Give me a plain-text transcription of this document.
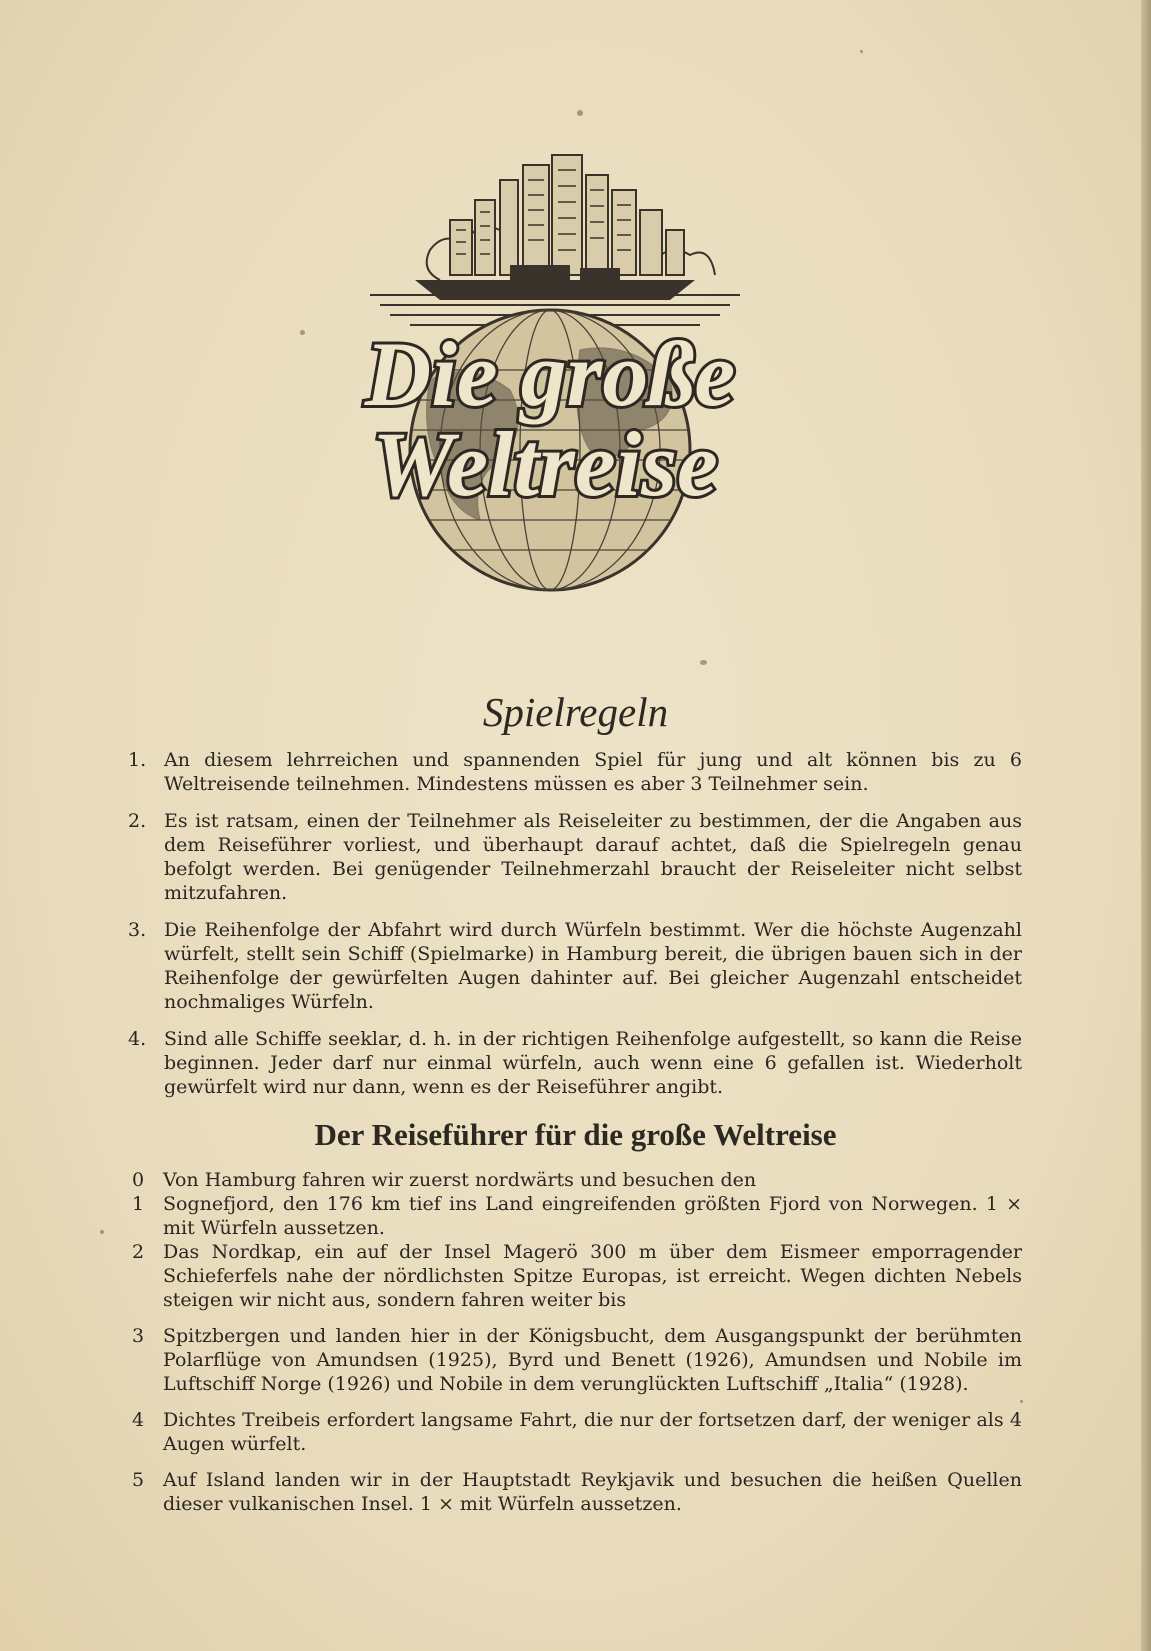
Die große
Weltreise
Spielregeln
1. An diesem lehrreichen und spannenden Spiel für jung und alt können bis zu 6 Weltreisende teilnehmen. Mindestens müssen es aber 3 Teilnehmer sein.
2. Es ist ratsam, einen der Teilnehmer als Reiseleiter zu bestimmen, der die Angaben aus dem Reiseführer vorliest, und überhaupt darauf achtet, daß die Spielregeln genau befolgt werden. Bei genügender Teilnehmerzahl braucht der Reiseleiter nicht selbst mitzufahren.
3. Die Reihenfolge der Abfahrt wird durch Würfeln bestimmt. Wer die höchste Augenzahl würfelt, stellt sein Schiff (Spielmarke) in Hamburg bereit, die übrigen bauen sich in der Reihenfolge der gewürfelten Augen dahinter auf. Bei gleicher Augenzahl entscheidet nochmaliges Würfeln.
4. Sind alle Schiffe seeklar, d. h. in der richtigen Reihenfolge aufgestellt, so kann die Reise beginnen. Jeder darf nur einmal würfeln, auch wenn eine 6 gefallen ist. Wiederholt gewürfelt wird nur dann, wenn es der Reiseführer angibt.
Der Reiseführer für die große Weltreise
0 Von Hamburg fahren wir zuerst nordwärts und besuchen den
1 Sognefjord, den 176 km tief ins Land eingreifenden größten Fjord von Norwegen. 1 × mit Würfeln aussetzen.
2 Das Nordkap, ein auf der Insel Magerö 300 m über dem Eismeer emporragender Schieferfels nahe der nördlichsten Spitze Europas, ist erreicht. Wegen dichten Nebels steigen wir nicht aus, sondern fahren weiter bis
3 Spitzbergen und landen hier in der Königsbucht, dem Ausgangspunkt der berühmten Polarflüge von Amundsen (1925), Byrd und Benett (1926), Amundsen und Nobile im Luftschiff Norge (1926) und Nobile in dem verunglückten Luftschiff „Italia“ (1928).
4 Dichtes Treibeis erfordert langsame Fahrt, die nur der fortsetzen darf, der weniger als 4 Augen würfelt.
5 Auf Island landen wir in der Hauptstadt Reykjavik und besuchen die heißen Quellen dieser vulkanischen Insel. 1 × mit Würfeln aussetzen.
